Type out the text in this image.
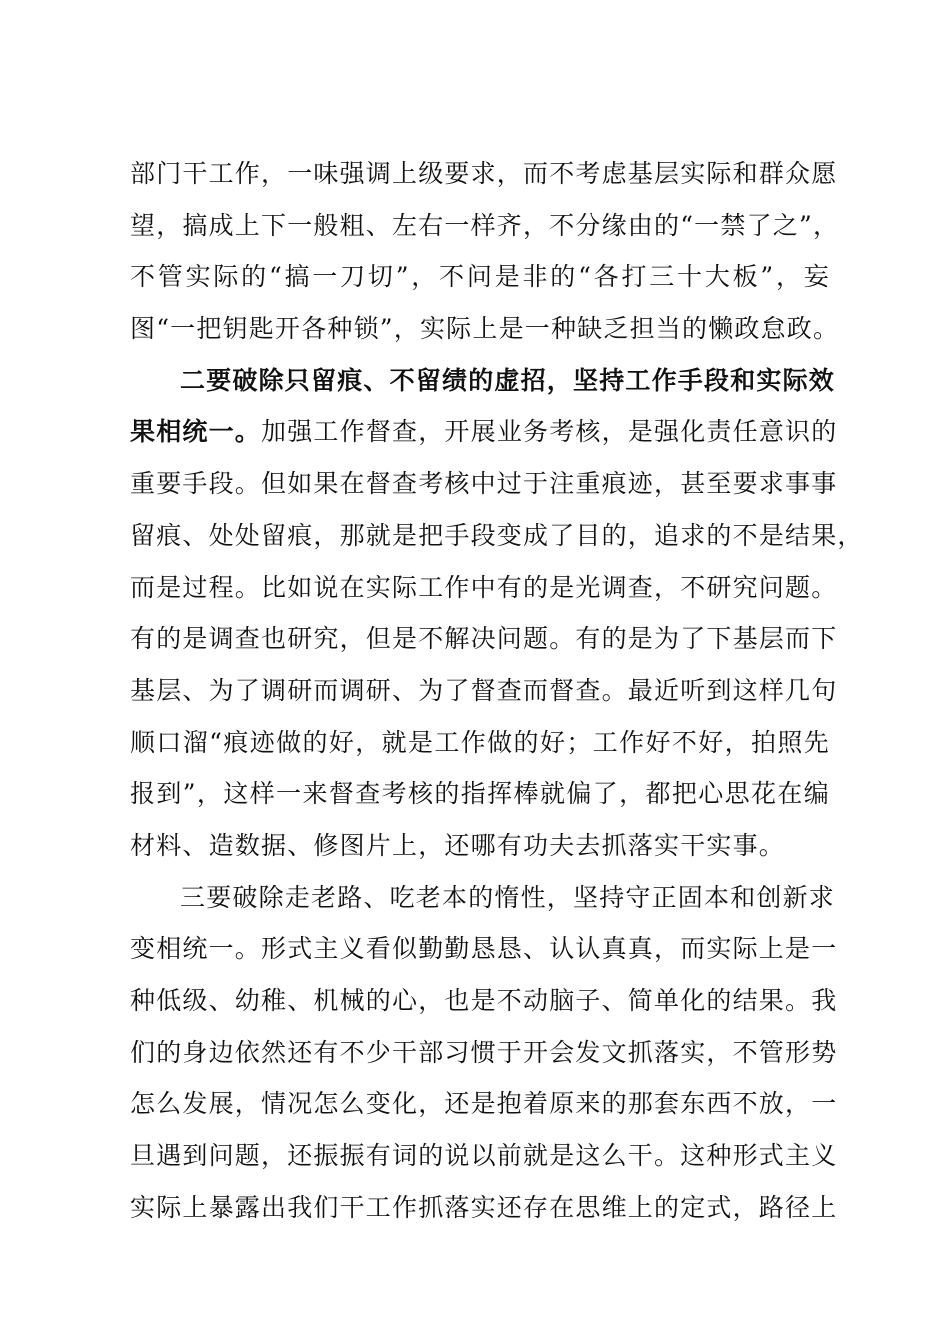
部门干工作，一味强调上级要求，而不考虑基层实际和群众愿
望，搞成上下一般粗、左右一样齐，不分缘由的“一禁了之”，
不管实际的“搞一刀切”，不问是非的“各打三十大板”，妄
图“一把钥匙开各种锁”，实际上是一种缺乏担当的懒政怠政。
二要破除只留痕、不留绩的虚招，坚持工作手段和实际效
果相统一。加强工作督查，开展业务考核，是强化责任意识的
重要手段。但如果在督查考核中过于注重痕迹，甚至要求事事
留痕、处处留痕，那就是把手段变成了目的，追求的不是结果，
而是过程。比如说在实际工作中有的是光调查，不研究问题。
有的是调查也研究，但是不解决问题。有的是为了下基层而下
基层、为了调研而调研、为了督查而督查。最近听到这样几句
顺口溜“痕迹做的好，就是工作做的好；工作好不好，拍照先
报到”，这样一来督查考核的指挥棒就偏了，都把心思花在编
材料、造数据、修图片上，还哪有功夫去抓落实干实事。
三要破除走老路、吃老本的惰性，坚持守正固本和创新求
变相统一。形式主义看似勤勤恳恳、认认真真，而实际上是一
种低级、幼稚、机械的心，也是不动脑子、简单化的结果。我
们的身边依然还有不少干部习惯于开会发文抓落实，不管形势
怎么发展，情况怎么变化，还是抱着原来的那套东西不放，一
旦遇到问题，还振振有词的说以前就是这么干。这种形式主义
实际上暴露出我们干工作抓落实还存在思维上的定式，路径上
